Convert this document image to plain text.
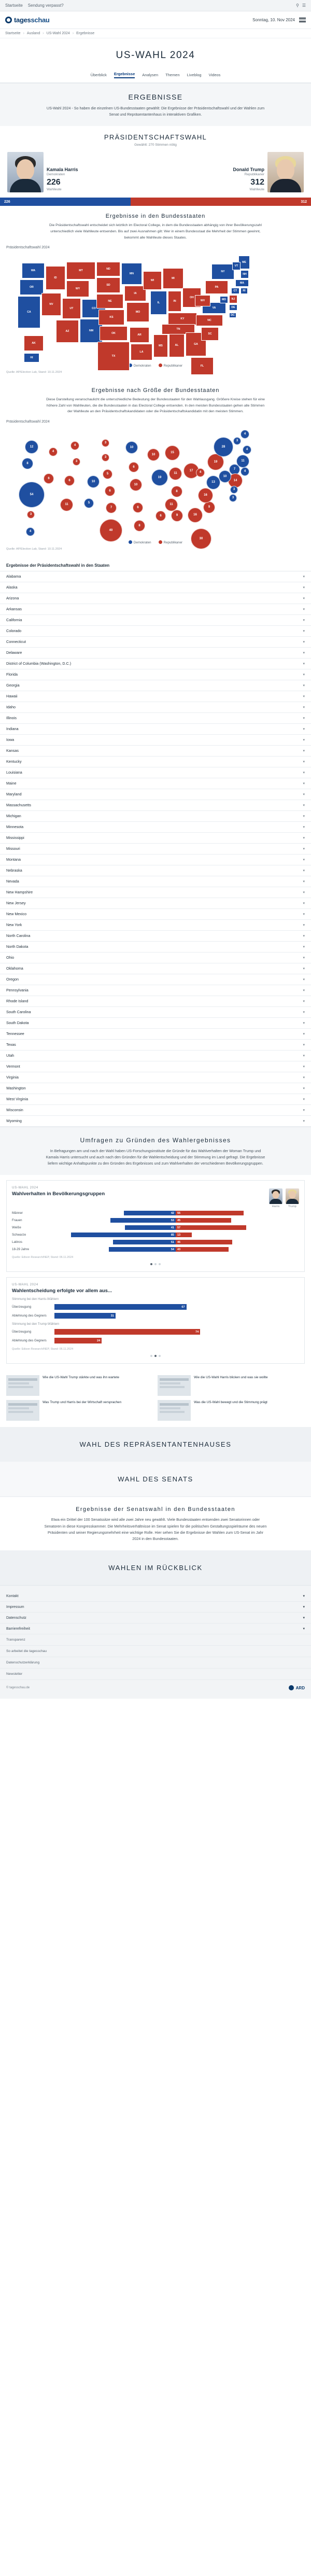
Startseite Sendung verpasst?	⚲ ☰
tagesschau	Sonntag, 10. Nov 2024
Startseite › Ausland › US-Wahl 2024 › Ergebnisse
US-WAHL 2024
Überblick Ergebnisse Analysen Themen Liveblog Videos
ERGEBNISSE

US-Wahl 2024 - So haben die einzelnen US-Bundesstaaten gewählt: Die Ergebnisse der Präsidentschaftswahl und der Wahlen zum Senat und Repräsentantenhaus in interaktiven Grafiken.

PRÄSIDENTSCHAFTSWAHL
Gewählt: 270 Stimmen nötig
Kamala Harris
Demokraten
226
Wahlleute
Donald Trump
Republikaner
312
Wahlleute
226	312
Ergebnisse in den Bundesstaaten

Die Präsidentschaftswahl entscheidet sich letztlich im Electoral College, in dem die Bundesstaaten abhängig von ihrer Bevölkerungszahl unterschiedlich viele Wahlleute entsenden. Bis auf zwei Ausnahmen gilt: Wer in einem Bundesstaat die Mehrheit der Stimmen gewinnt, bekommt alle Wahlleute dieses Staates.

Präsidentschaftswahl 2024
WA
OR
CA
NV
ID
MT
WY
UT
AZ
CO
NM
ND
SD
NE
KS
OK
TX
MN
IA
MO
AR
LA
WI
IL
MS	AL
MI
IN
OH
KY
TN
GA
FL
SC
NC
VA
WV
PA
NY
ME
VT
NH
MA
RI
CT
NJ
DE
MD
DC
AK
HI
Demokraten	Republikaner
Quelle: AP/Election Lab, Stand: 10.11.2024
Ergebnisse nach Größe der Bundesstaaten

Diese Darstellung veranschaulicht die unterschiedliche Bedeutung der Bundesstaaten für den Wahlausgang. Größere Kreise stehen für eine höhere Zahl von Wahlleuten, die die Bundesstaaten in das Electoral College entsenden. In den meisten Bundesstaaten gehen alle Stimmen der Wahlleute an den Präsidentschaftskandidaten oder die Präsidentschaftskandidatin mit den meisten Stimmen.

Präsidentschaftswahl 2024
12
8
54
6
4
4
3
6
11
10
5
3
3
5
6
7
40
10
6
10
6
8
10
19
6	9
15
11
17
8
11
16
30
9
16
13
4
19
28
4
3
4
11
4
7
14
3
10
3
3
4
Demokraten	Republikaner
Quelle: AP/Election Lab, Stand: 10.11.2024
Ergebnisse der Präsidentschaftswahl in den Staaten
Alabama	▾
Alaska	▾
Arizona	▾
Arkansas	▾
California	▾
Colorado	▾
Connecticut	▾
Delaware	▾
District of Columbia (Washington, D.C.)	▾
Florida	▾
Georgia	▾
Hawaii	▾
Idaho	▾
Illinois	▾
Indiana	▾
Iowa	▾
Kansas	▾
Kentucky	▾
Louisiana	▾
Maine	▾
Maryland	▾
Massachusetts	▾
Michigan	▾
Minnesota	▾
Mississippi	▾
Missouri	▾
Montana	▾
Nebraska	▾
Nevada	▾
New Hampshire	▾
New Jersey	▾
New Mexico	▾
New York	▾
North Carolina	▾
North Dakota	▾
Ohio	▾
Oklahoma	▾
Oregon	▾
Pennsylvania	▾
Rhode Island	▾
South Carolina	▾
South Dakota	▾
Tennessee	▾
Texas	▾
Utah	▾
Vermont	▾
Virginia	▾
Washington	▾
West Virginia	▾
Wisconsin	▾
Wyoming	▾
Umfragen zu Gründen des Wahlergebnisses

In Befragungen am und nach der Wahl haben US-Forschungsinstitute die Gründe für das Wahlverhalten der Woman Trump und Kamala Harris untersucht und auch nach den Gründen für die Wahlentscheidung und der Stimmung im Land gefragt. Die Ergebnisse liefern wichtige Anhaltspunkte zu den Gründen des Ergebnisses und zum Wahlverhalten der verschiedenen Bevölkerungsgruppen.

US-WAHL 2024
Wahlverhalten in Bevölkerungsgruppen
Harris	Trump
Männer	42	55
Frauen	53	45
Weiße	41	57
Schwarze	85	13
Latinos	51	46
18-29 Jahre	54	43
Quelle: Edison Research/NEP, Stand: 06.11.2024
US-WAHL 2024
Wahlentscheidung erfolgte vor allem aus...
Stimmung bei den Harris-Wählern
Überzeugung	67
Ablehnung des Gegners	31
Stimmung bei den Trump-Wählern
Überzeugung	74
Ablehnung des Gegners	24
Quelle: Edison Research/NEP, Stand: 06.11.2024
Wie die US-Wahl Trump stärkte und was ihn wartete	Wie die US-Wahl Harris blicken und was sie wollte
Was Trump und Harris bei der Wirtschaft versprachen	Was die US-Wahl bewegt und die Stimmung prägt
WAHL DES REPRÄSENTANTENHAUSES
WAHL DES SENATS
Ergebnisse der Senatswahl in den Bundesstaaten

Etwa ein Drittel der 100 Senatssitze wird alle zwei Jahre neu gewählt. Viele Bundesstaaten entsenden zwei Senatorinnen oder Senatoren in diese Kongresskammer. Die Mehrheitsverhältnisse im Senat spielen für die politischen Gestaltungsspielräume des neuen Präsidenten und seiner Regierungsmehrheit eine wichtige Rolle. Hier sehen Sie die Ergebnisse der Wahlen zum US-Senat im Jahr 2024 in den Bundesstaaten.

WAHLEN IM RÜCKBLICK
Kontakt	▾
Impressum	▾
Datenschutz	▾
Barrierefreiheit	▾
Transparenz
So arbeitet die tagesschau
Datenschutzerklärung
Newsletter
© tagesschau.de	ARD
